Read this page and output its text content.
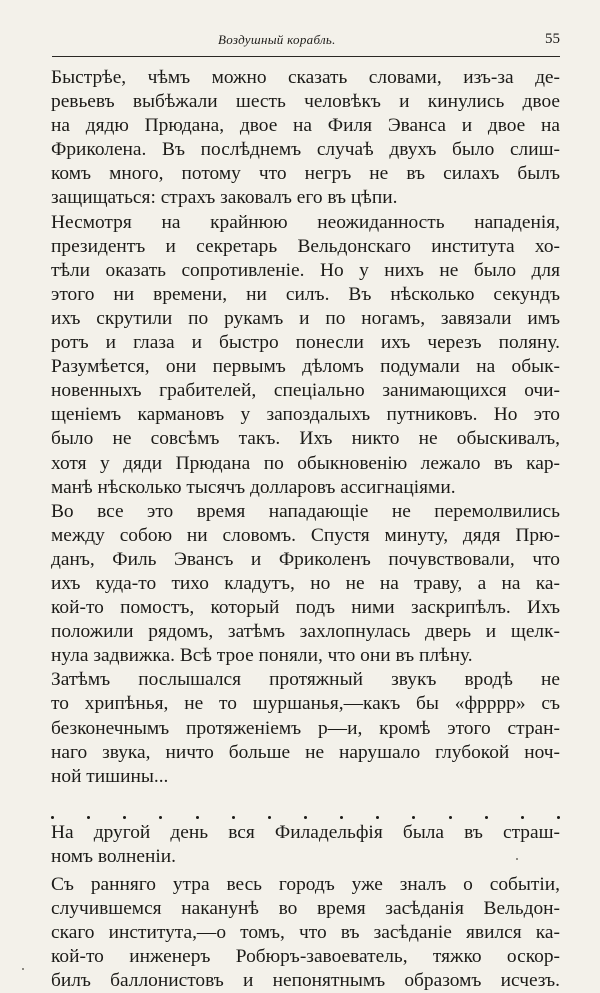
Воздушный корабль.	55
Быстрѣе, чѣмъ можно сказать словами, изъ-за де-
ревьевъ выбѣжали шесть человѣкъ и кинулись двое
на дядю Прюдана, двое на Филя Эванса и двое на
Фриколена. Въ послѣднемъ случаѣ двухъ было слиш-
комъ много, потому что негръ не въ силахъ былъ
защищаться: страхъ заковалъ его въ цѣпи.
Несмотря на крайнюю неожиданность нападенія,
президентъ и секретарь Вельдонскаго института хо-
тѣли оказать сопротивленіе. Но у нихъ не было для
этого ни времени, ни силъ. Въ нѣсколько секундъ
ихъ скрутили по рукамъ и по ногамъ, завязали имъ
ротъ и глаза и быстро понесли ихъ черезъ поляну.
Разумѣется, они первымъ дѣломъ подумали на обык-
новенныхъ грабителей, спеціально занимающихся очи-
щеніемъ кармановъ у запоздалыхъ путниковъ. Но это
было не совсѣмъ такъ. Ихъ никто не обыскивалъ,
хотя у дяди Прюдана по обыкновенію лежало въ кар-
манѣ нѣсколько тысячъ долларовъ ассигнаціями.
Во все это время нападающіе не перемолвились
между собою ни словомъ. Спустя минуту, дядя Прю-
данъ, Филь Эвансъ и Фриколенъ почувствовали, что
ихъ куда-то тихо кладутъ, но не на траву, а на ка-
кой-то помостъ, который подъ ними заскрипѣлъ. Ихъ
положили рядомъ, затѣмъ захлопнулась дверь и щелк-
нула задвижка. Всѣ трое поняли, что они въ плѣну.
Затѣмъ послышался протяжный звукъ вродѣ не
то хрипѣнья, не то шуршанья,—какъ бы «фрррр» съ
безконечнымъ протяженіемъ р—и, кромѣ этого стран-
наго звука, ничто больше не нарушало глубокой ноч-
ной тишины...
На другой день вся Филадельфія была въ страш-
номъ волненіи.
Съ ранняго утра весь городъ уже зналъ о событіи,
случившемся наканунѣ во время засѣданія Вельдон-
скаго института,—о томъ, что въ засѣданіе явился ка-
кой-то инженеръ Робюръ-завоеватель, тяжко оскор-
билъ баллонистовъ и непонятнымъ образомъ исчезъ.
